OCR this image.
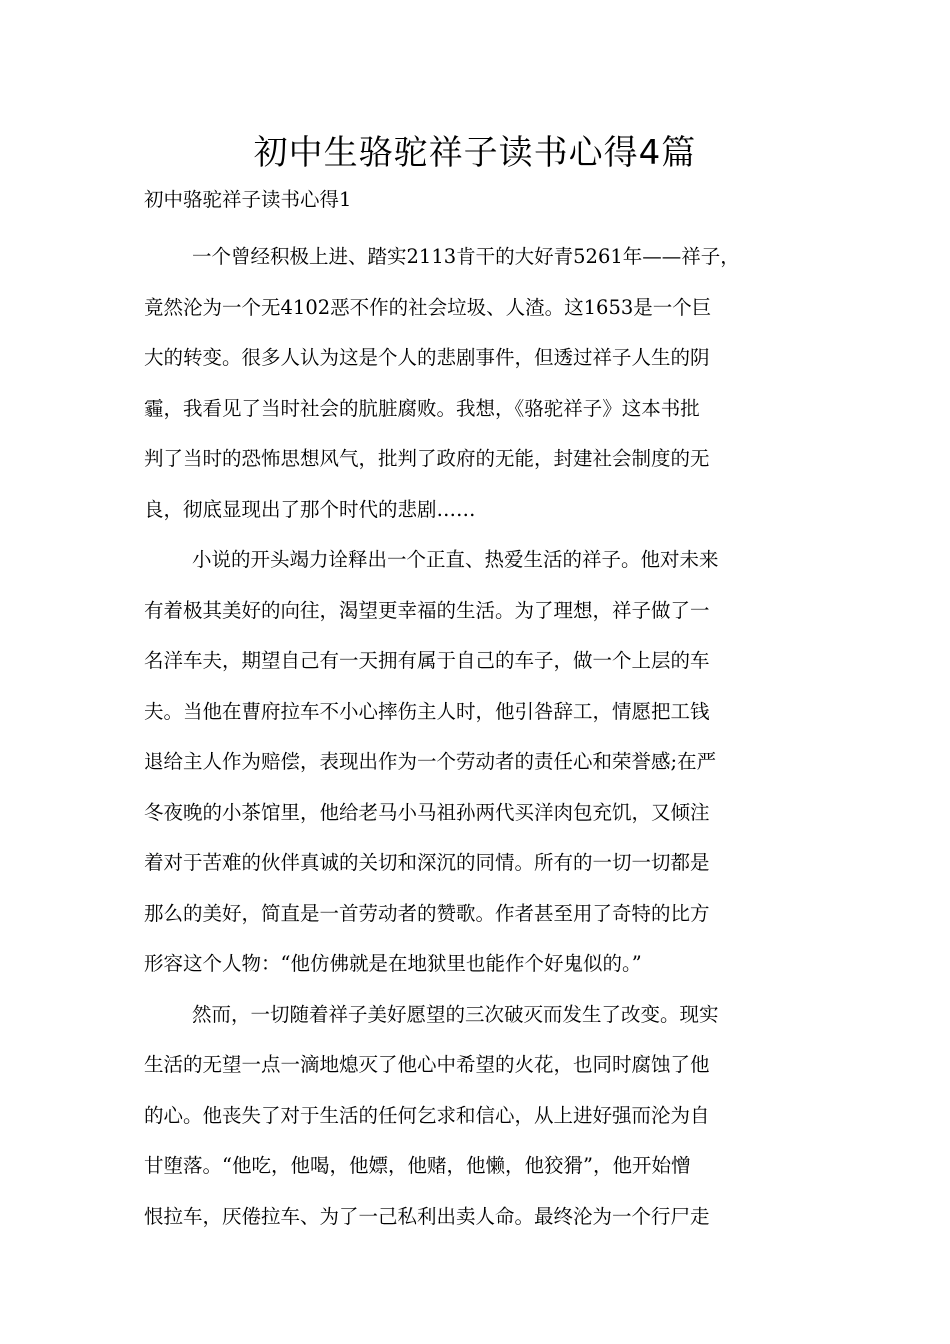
初中生骆驼祥子读书心得4篇

初中骆驼祥子读书心得1

一个曾经积极上进、踏实2113肯干的大好青5261年——祥子，
竟然沦为一个无4102恶不作的社会垃圾、人渣。这1653是一个巨
大的转变。很多人认为这是个人的悲剧事件，但透过祥子人生的阴
霾，我看见了当时社会的肮脏腐败。我想，《骆驼祥子》这本书批
判了当时的恐怖思想风气，批判了政府的无能，封建社会制度的无
良，彻底显现出了那个时代的悲剧……

小说的开头竭力诠释出一个正直、热爱生活的祥子。他对未来
有着极其美好的向往，渴望更幸福的生活。为了理想，祥子做了一
名洋车夫，期望自己有一天拥有属于自己的车子，做一个上层的车
夫。当他在曹府拉车不小心摔伤主人时，他引咎辞工，情愿把工钱
退给主人作为赔偿，表现出作为一个劳动者的责任心和荣誉感;在严
冬夜晚的小茶馆里，他给老马小马祖孙两代买洋肉包充饥，又倾注
着对于苦难的伙伴真诚的关切和深沉的同情。所有的一切一切都是
那么的美好，简直是一首劳动者的赞歌。作者甚至用了奇特的比方
形容这个人物：“他仿佛就是在地狱里也能作个好鬼似的。”

然而，一切随着祥子美好愿望的三次破灭而发生了改变。现实
生活的无望一点一滴地熄灭了他心中希望的火花，也同时腐蚀了他
的心。他丧失了对于生活的任何乞求和信心，从上进好强而沦为自
甘堕落。“他吃，他喝，他嫖，他赌，他懒，他狡猾”，他开始憎
恨拉车，厌倦拉车、为了一己私利出卖人命。最终沦为一个行尸走
